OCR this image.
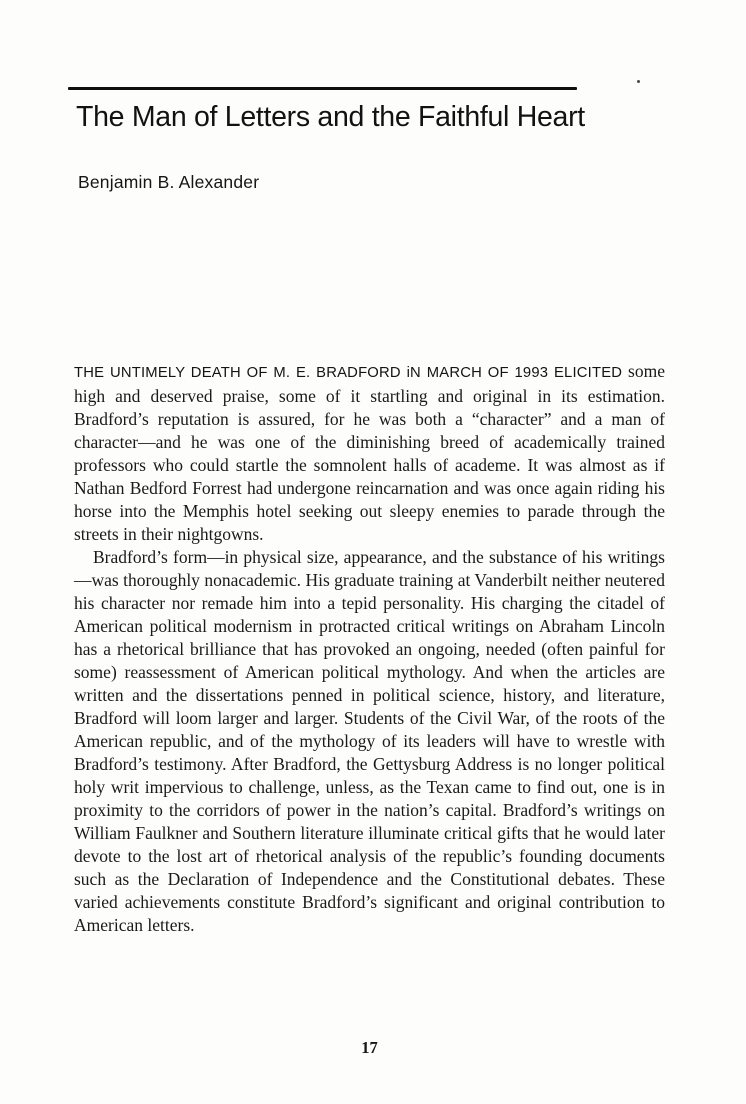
The Man of Letters and the Faithful Heart
Benjamin B. Alexander

THE UNTIMELY DEATH OF M. E. BRADFORD iN MARCH OF 1993 ELICITED some high and deserved praise, some of it startling and original in its estimation. Bradford’s reputation is assured, for he was both a “character” and a man of character—and he was one of the diminishing breed of academically trained professors who could startle the somnolent halls of academe. It was almost as if Nathan Bedford Forrest had undergone reincarnation and was once again riding his horse into the Memphis hotel seeking out sleepy enemies to parade through the streets in their nightgowns.

Bradford’s form—in physical size, appearance, and the substance of his writings—was thoroughly nonacademic. His graduate training at Vanderbilt neither neutered his character nor remade him into a tepid personality. His charging the citadel of American political modernism in protracted critical writings on Abraham Lincoln has a rhetorical brilliance that has provoked an ongoing, needed (often painful for some) reassessment of American political mythology. And when the articles are written and the dissertations penned in political science, history, and literature, Bradford will loom larger and larger. Students of the Civil War, of the roots of the American republic, and of the mythology of its leaders will have to wrestle with Bradford’s testimony. After Bradford, the Gettysburg Address is no longer political holy writ impervious to challenge, unless, as the Texan came to find out, one is in proximity to the corridors of power in the nation’s capital. Bradford’s writings on William Faulkner and Southern literature illuminate critical gifts that he would later devote to the lost art of rhetorical analysis of the republic’s founding documents such as the Declaration of Independence and the Constitutional debates. These varied achievements constitute Bradford’s significant and original contribution to American letters.

17
